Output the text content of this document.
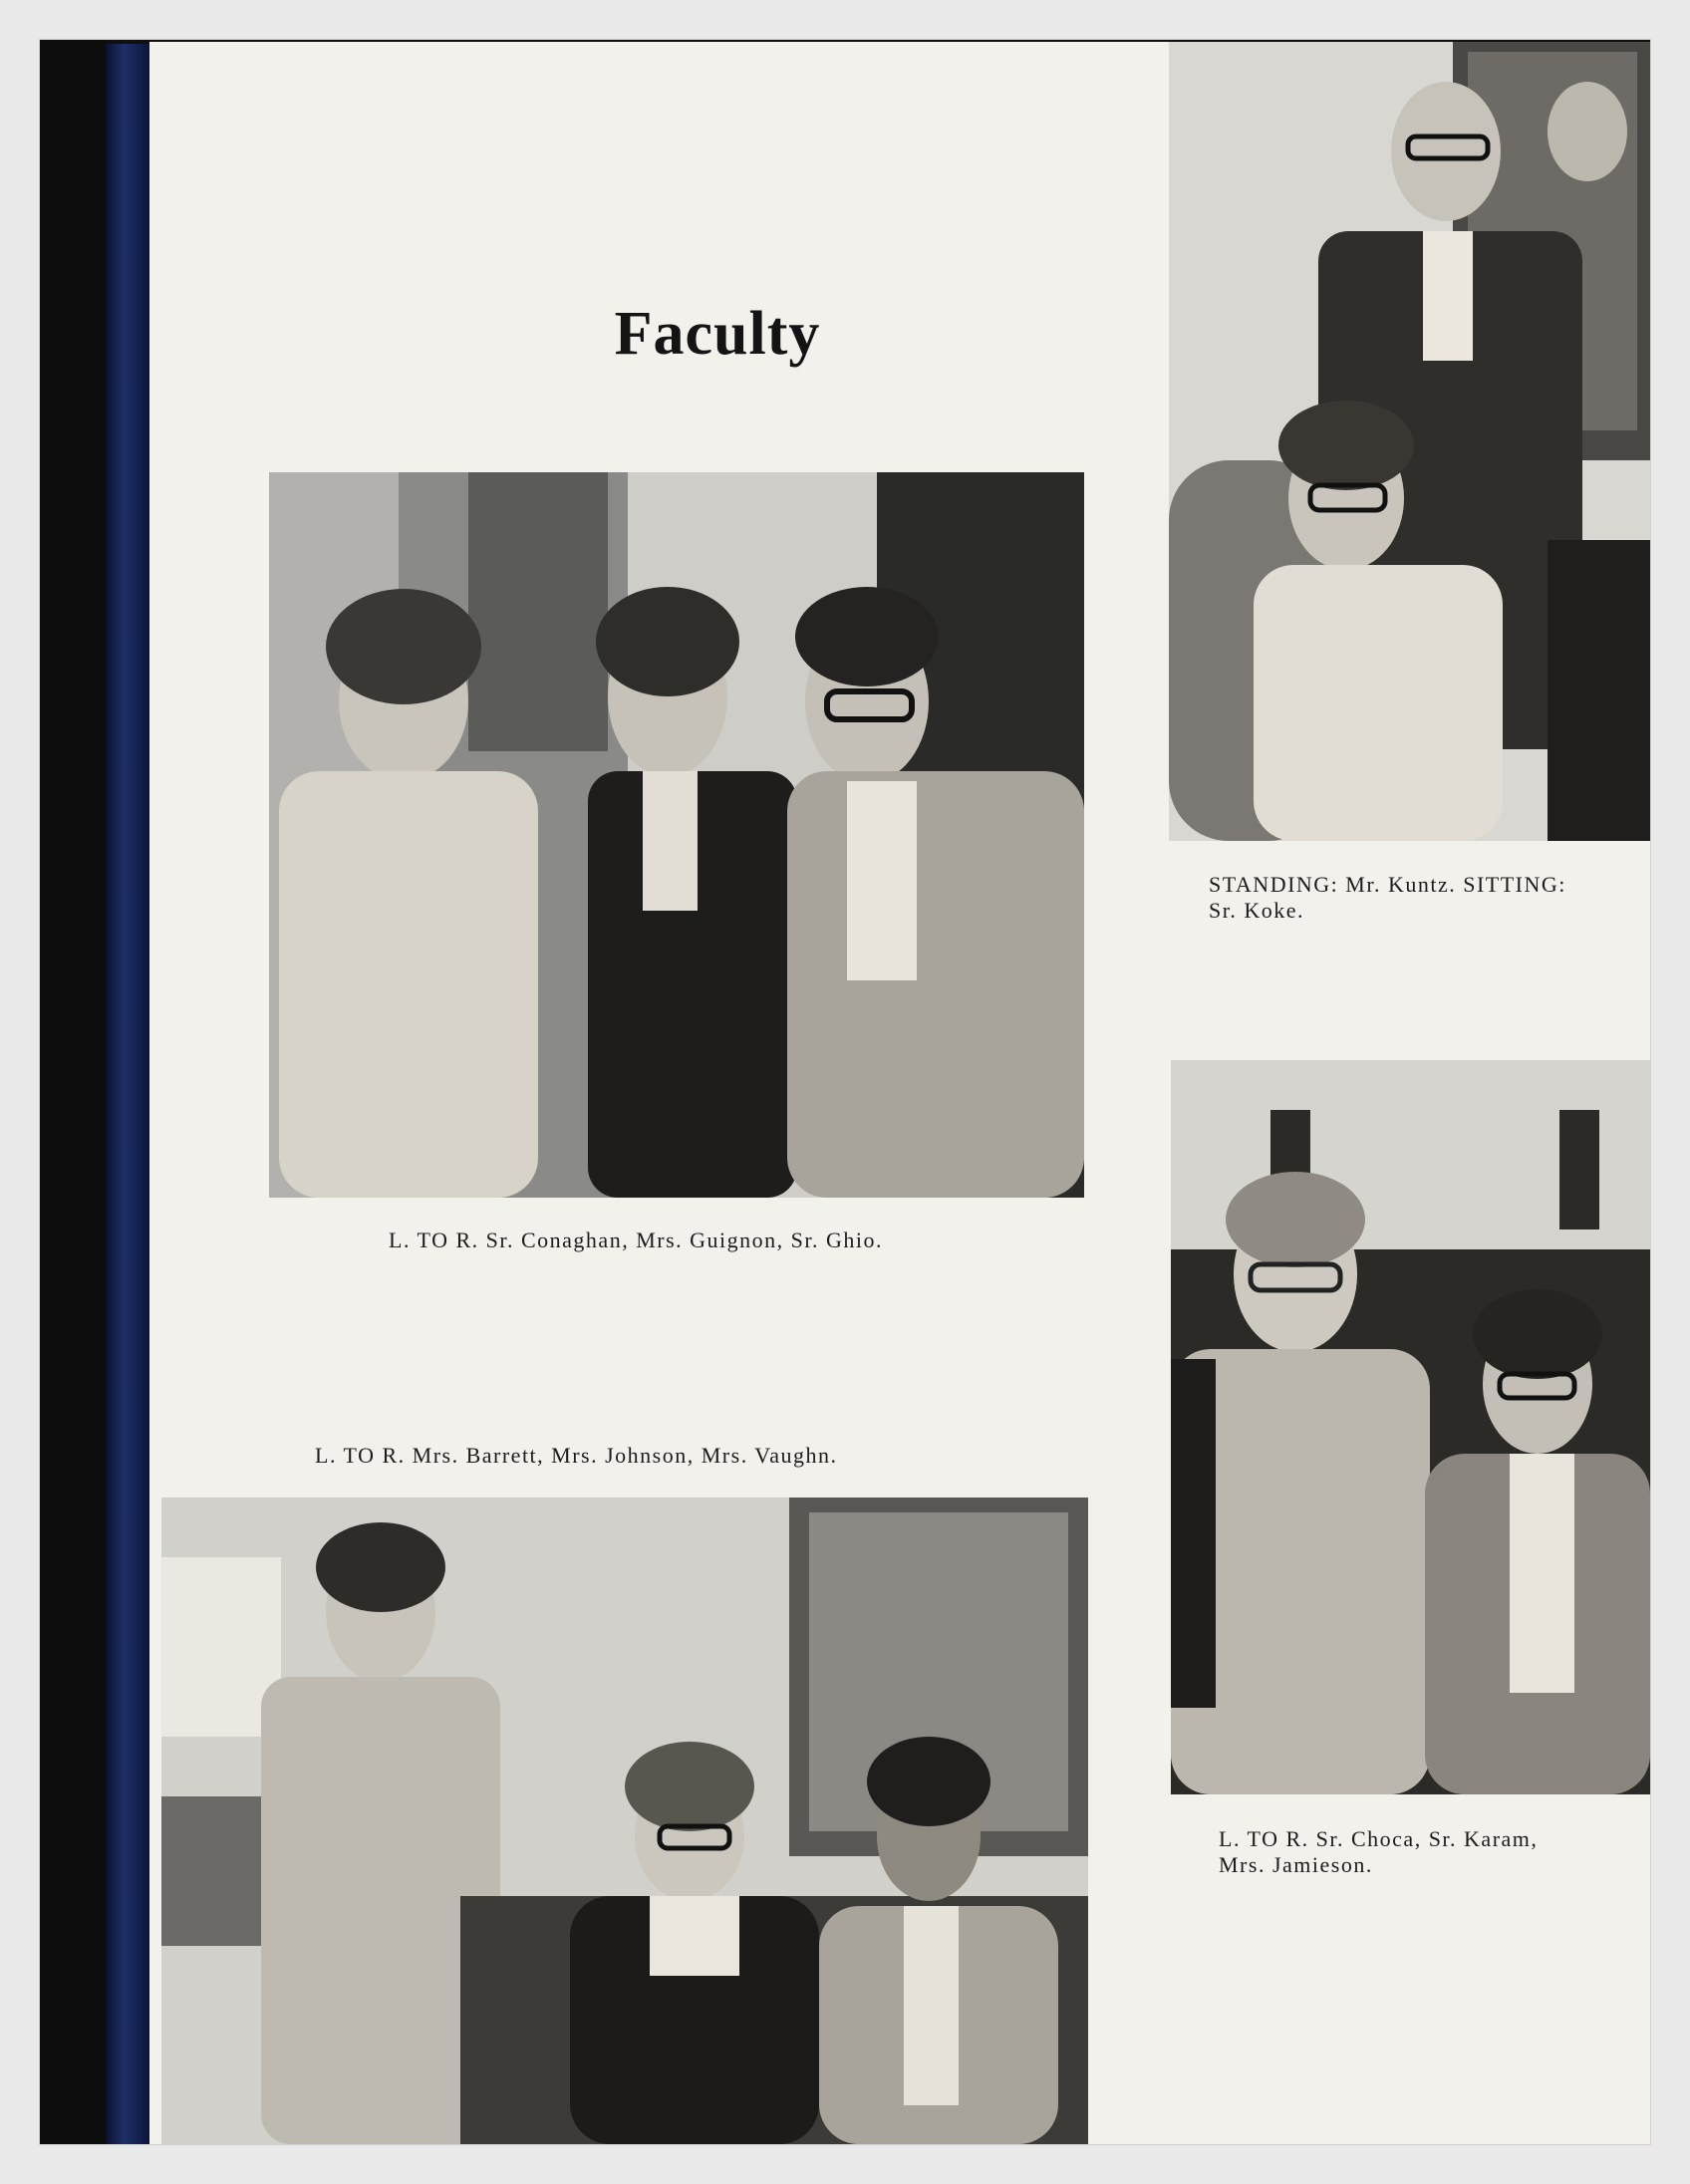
Faculty
L. TO R. Sr. Conaghan, Mrs. Guignon, Sr. Ghio.
STANDING: Mr. Kuntz. SITTING:
Sr. Koke.
L. TO R. Mrs. Barrett, Mrs. Johnson, Mrs. Vaughn.
L. TO R. Sr. Choca, Sr. Karam,
Mrs. Jamieson.
